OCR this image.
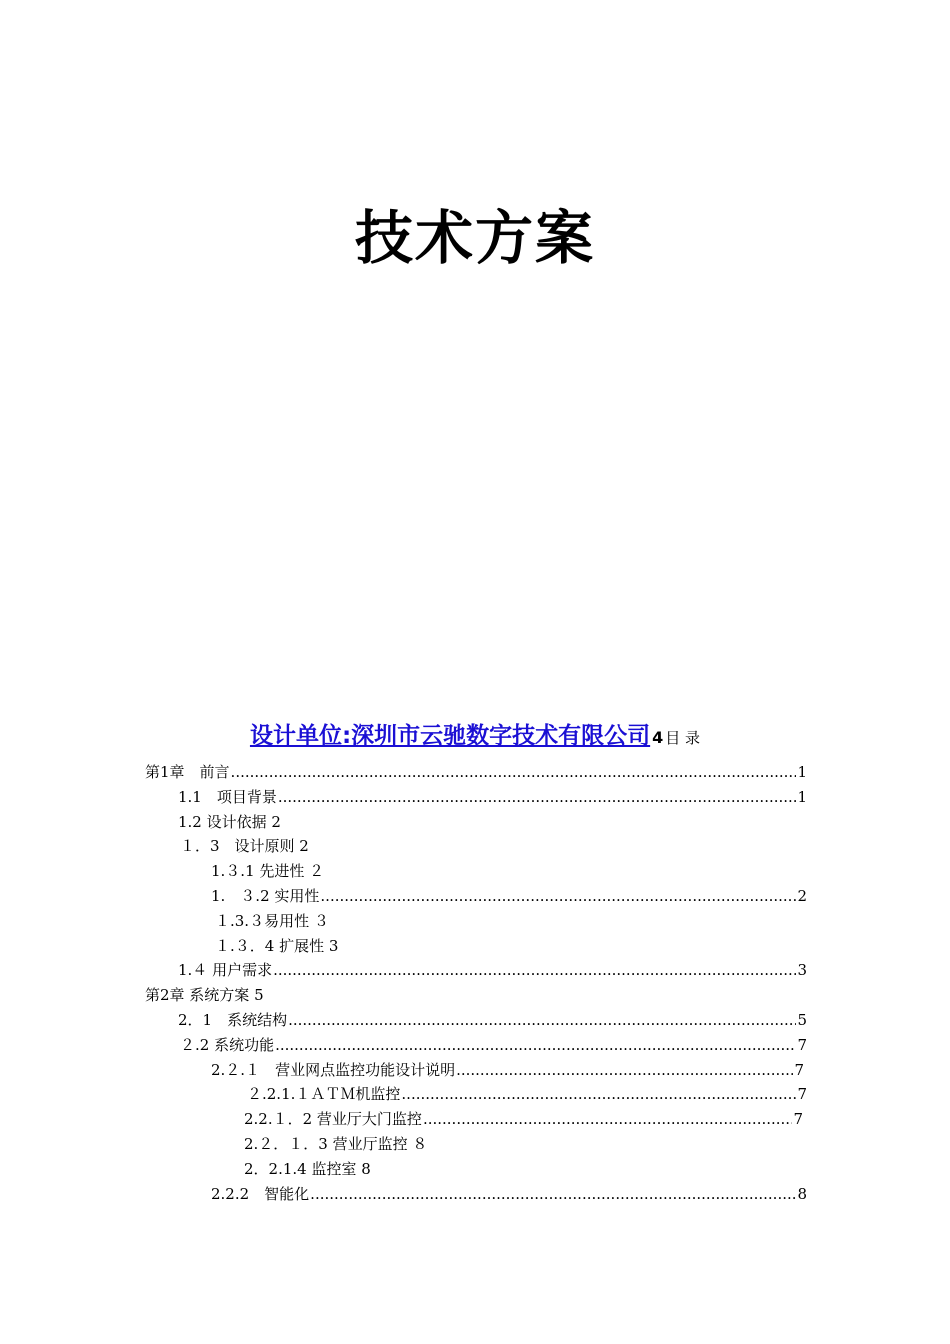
技术方案
设计单位:深圳市云驰数字技术有限公司 4 目 录
第1章　前言 .....	1
1.1　项目背景 .....	1
1.2 设计依据 2
１．3　设计原则 2
1.３.1 先进性 ２
1.　３.2 实用性 .....	2
１.3.３易用性 ３
１.３．4 扩展性 3
1.４ 用户需求 .....	3
第2章 系统方案 5
2．1　系统结构 .....	5
２.2 系统功能 .....	7
2.２.１　营业网点监控功能设计说明 .....	7
２.2.1.１ＡＴＭ机监控 .....	7
2.2.１．2 营业厅大门监控 .....	7
2.２．１．3 营业厅监控 ８
2．2.1.4 监控室 8
2.2.2　智能化 .....	8
